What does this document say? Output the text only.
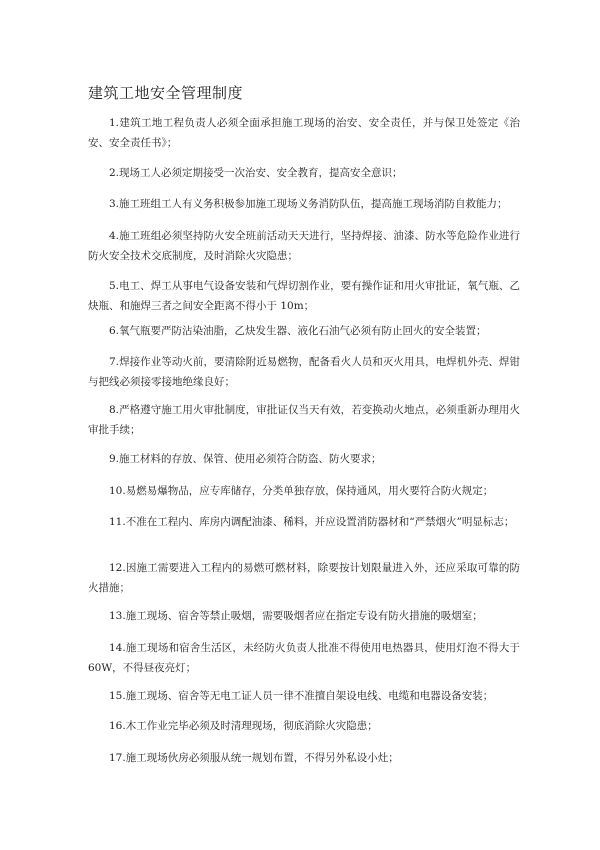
建筑工地安全管理制度
1.建筑工地工程负责人必须全面承担施工现场的治安、安全责任，并与保卫处签定《治安、安全责任书》；
2.现场工人必须定期接受一次治安、安全教育，提高安全意识；
3.施工班组工人有义务积极参加施工现场义务消防队伍，提高施工现场消防自救能力；
4.施工班组必须坚持防火安全班前活动天天进行，坚持焊接、油漆、防水等危险作业进行防火安全技术交底制度，及时消除火灾隐患；
5.电工、焊工从事电气设备安装和气焊切割作业，要有操作证和用火审批证，氧气瓶、乙炔瓶、和施焊三者之间安全距离不得小于 10m；
6.氧气瓶要严防沾染油脂，乙炔发生器、液化石油气必须有防止回火的安全装置；
7.焊接作业等动火前，要清除附近易燃物，配备看火人员和灭火用具，电焊机外壳、焊钳与把线必须接零接地绝缘良好；
8.严格遵守施工用火审批制度，审批证仅当天有效，若变换动火地点，必须重新办理用火审批手续；
9.施工材料的存放、保管、使用必须符合防盗、防火要求；
10.易燃易爆物品，应专库储存，分类单独存放，保持通风，用火要符合防火规定；
11.不准在工程内、库房内调配油漆、稀料，并应设置消防器材和“严禁烟火”明显标志；
12.因施工需要进入工程内的易燃可燃材料，除要按计划限量进入外，还应采取可靠的防火措施；
13.施工现场、宿舍等禁止吸烟，需要吸烟者应在指定专设有防火措施的吸烟室；
14.施工现场和宿舍生活区，未经防火负责人批准不得使用电热器具，使用灯泡不得大于 60W，不得昼夜亮灯；
15.施工现场、宿舍等无电工证人员一律不准擅自架设电线、电缆和电器设备安装；
16.木工作业完毕必须及时清理现场，彻底消除火灾隐患；
17.施工现场伙房必须服从统一规划布置，不得另外私设小灶；
